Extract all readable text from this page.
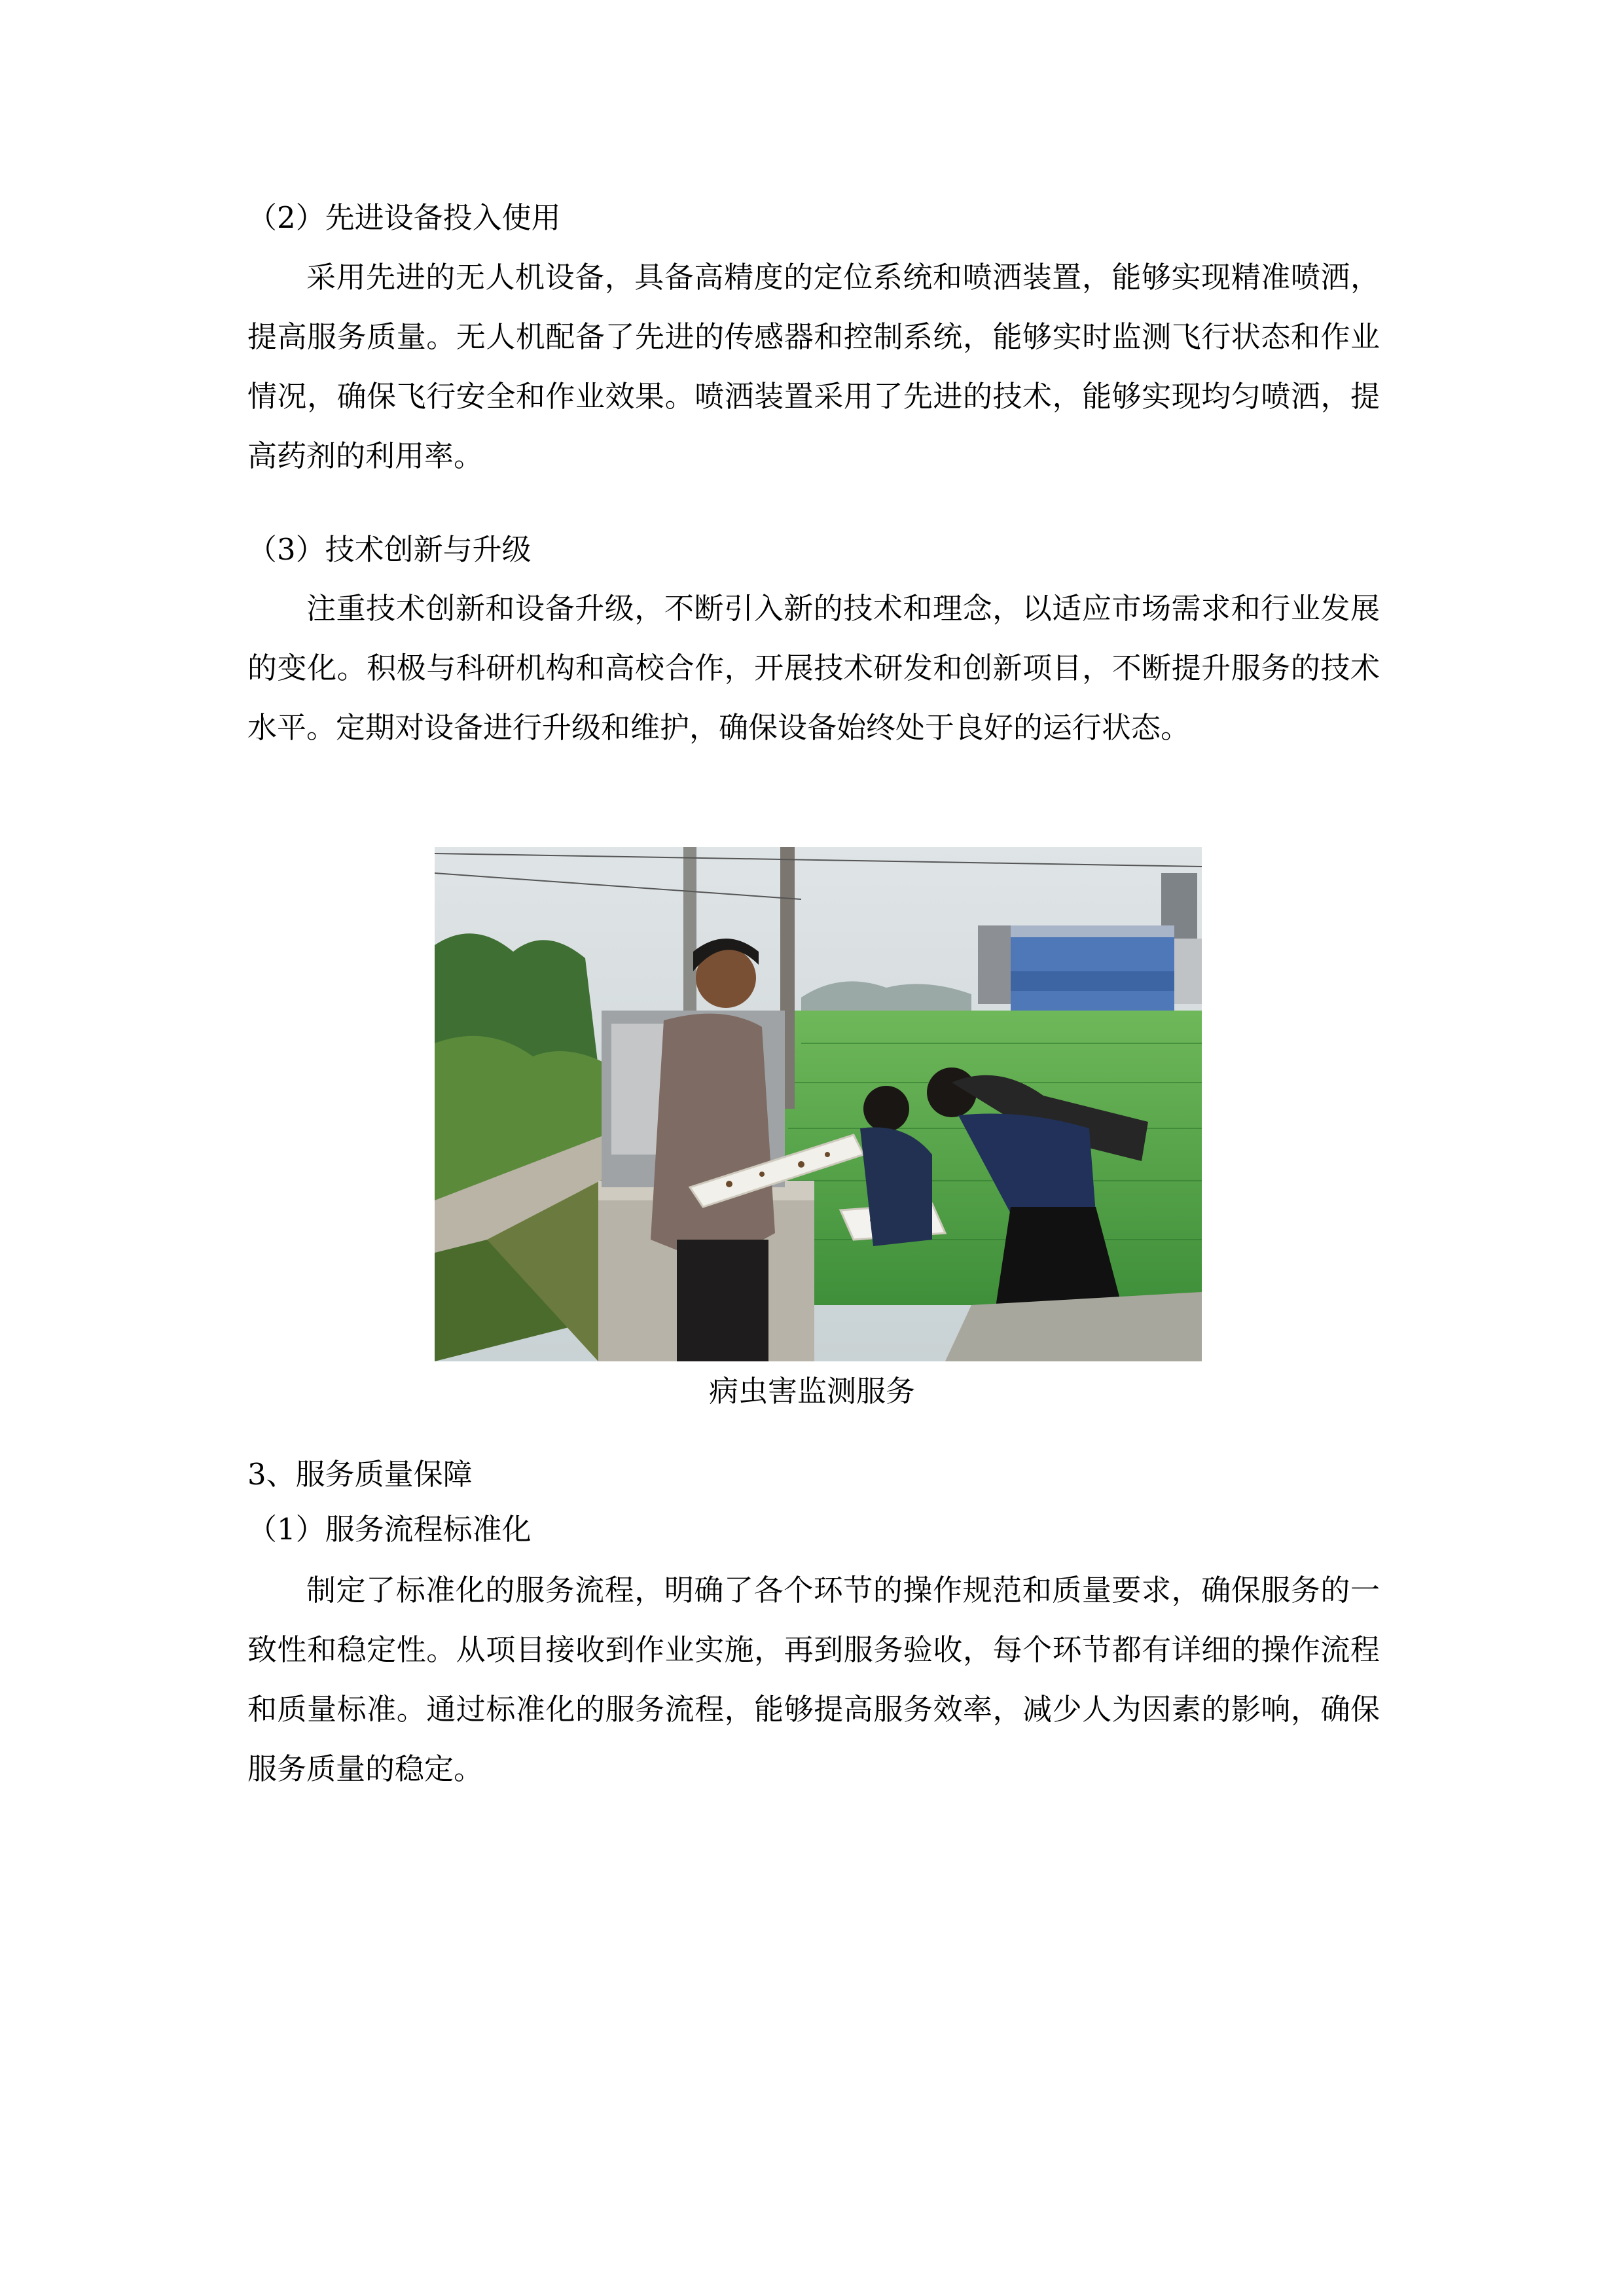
（2）先进设备投入使用
采用先进的无人机设备，具备高精度的定位系统和喷洒装置，能够实现精准喷洒，提高服务质量。无人机配备了先进的传感器和控制系统，能够实时监测飞行状态和作业情况，确保飞行安全和作业效果。喷洒装置采用了先进的技术，能够实现均匀喷洒，提高药剂的利用率。
（3）技术创新与升级
注重技术创新和设备升级，不断引入新的技术和理念，以适应市场需求和行业发展的变化。积极与科研机构和高校合作，开展技术研发和创新项目，不断提升服务的技术水平。定期对设备进行升级和维护，确保设备始终处于良好的运行状态。
病虫害监测服务
3、服务质量保障
（1）服务流程标准化
制定了标准化的服务流程，明确了各个环节的操作规范和质量要求，确保服务的一致性和稳定性。从项目接收到作业实施，再到服务验收，每个环节都有详细的操作流程和质量标准。通过标准化的服务流程，能够提高服务效率，减少人为因素的影响，确保服务质量的稳定。
